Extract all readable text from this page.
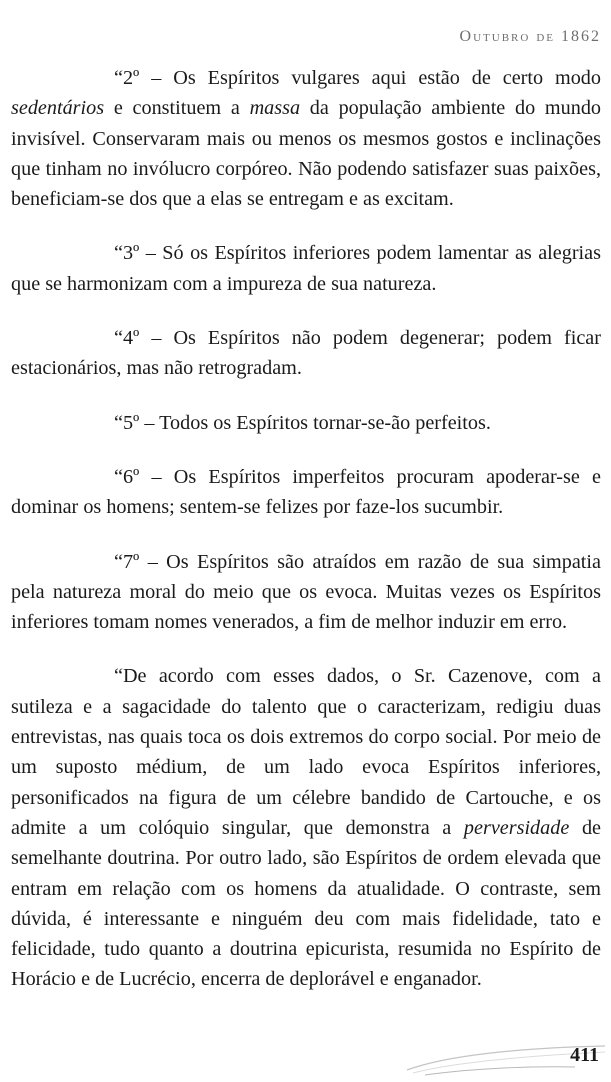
Outubro de 1862

“2º – Os Espíritos vulgares aqui estão de certo modo sedentários e constituem a massa da população ambiente do mundo invisível. Conservaram mais ou menos os mesmos gostos e inclinações que tinham no invólucro corpóreo. Não podendo satisfazer suas paixões, beneficiam-se dos que a elas se entregam e as excitam.

“3º – Só os Espíritos inferiores podem lamentar as alegrias que se harmonizam com a impureza de sua natureza.

“4º – Os Espíritos não podem degenerar; podem ficar estacionários, mas não retrogradam.

“5º – Todos os Espíritos tornar-se-ão perfeitos.

“6º – Os Espíritos imperfeitos procuram apoderar-se e dominar os homens; sentem-se felizes por faze-los sucumbir.

“7º – Os Espíritos são atraídos em razão de sua simpatia pela natureza moral do meio que os evoca. Muitas vezes os Espíritos inferiores tomam nomes venerados, a fim de melhor induzir em erro.

“De acordo com esses dados, o Sr. Cazenove, com a sutileza e a sagacidade do talento que o caracterizam, redigiu duas entrevistas, nas quais toca os dois extremos do corpo social. Por meio de um suposto médium, de um lado evoca Espíritos inferiores, personificados na figura de um célebre bandido de Cartouche, e os admite a um colóquio singular, que demonstra a perversidade de semelhante doutrina. Por outro lado, são Espíritos de ordem elevada que entram em relação com os homens da atualidade. O contraste, sem dúvida, é interessante e ninguém deu com mais fidelidade, tato e felicidade, tudo quanto a doutrina epicurista, resumida no Espírito de Horácio e de Lucrécio, encerra de deplorável e enganador.

411
